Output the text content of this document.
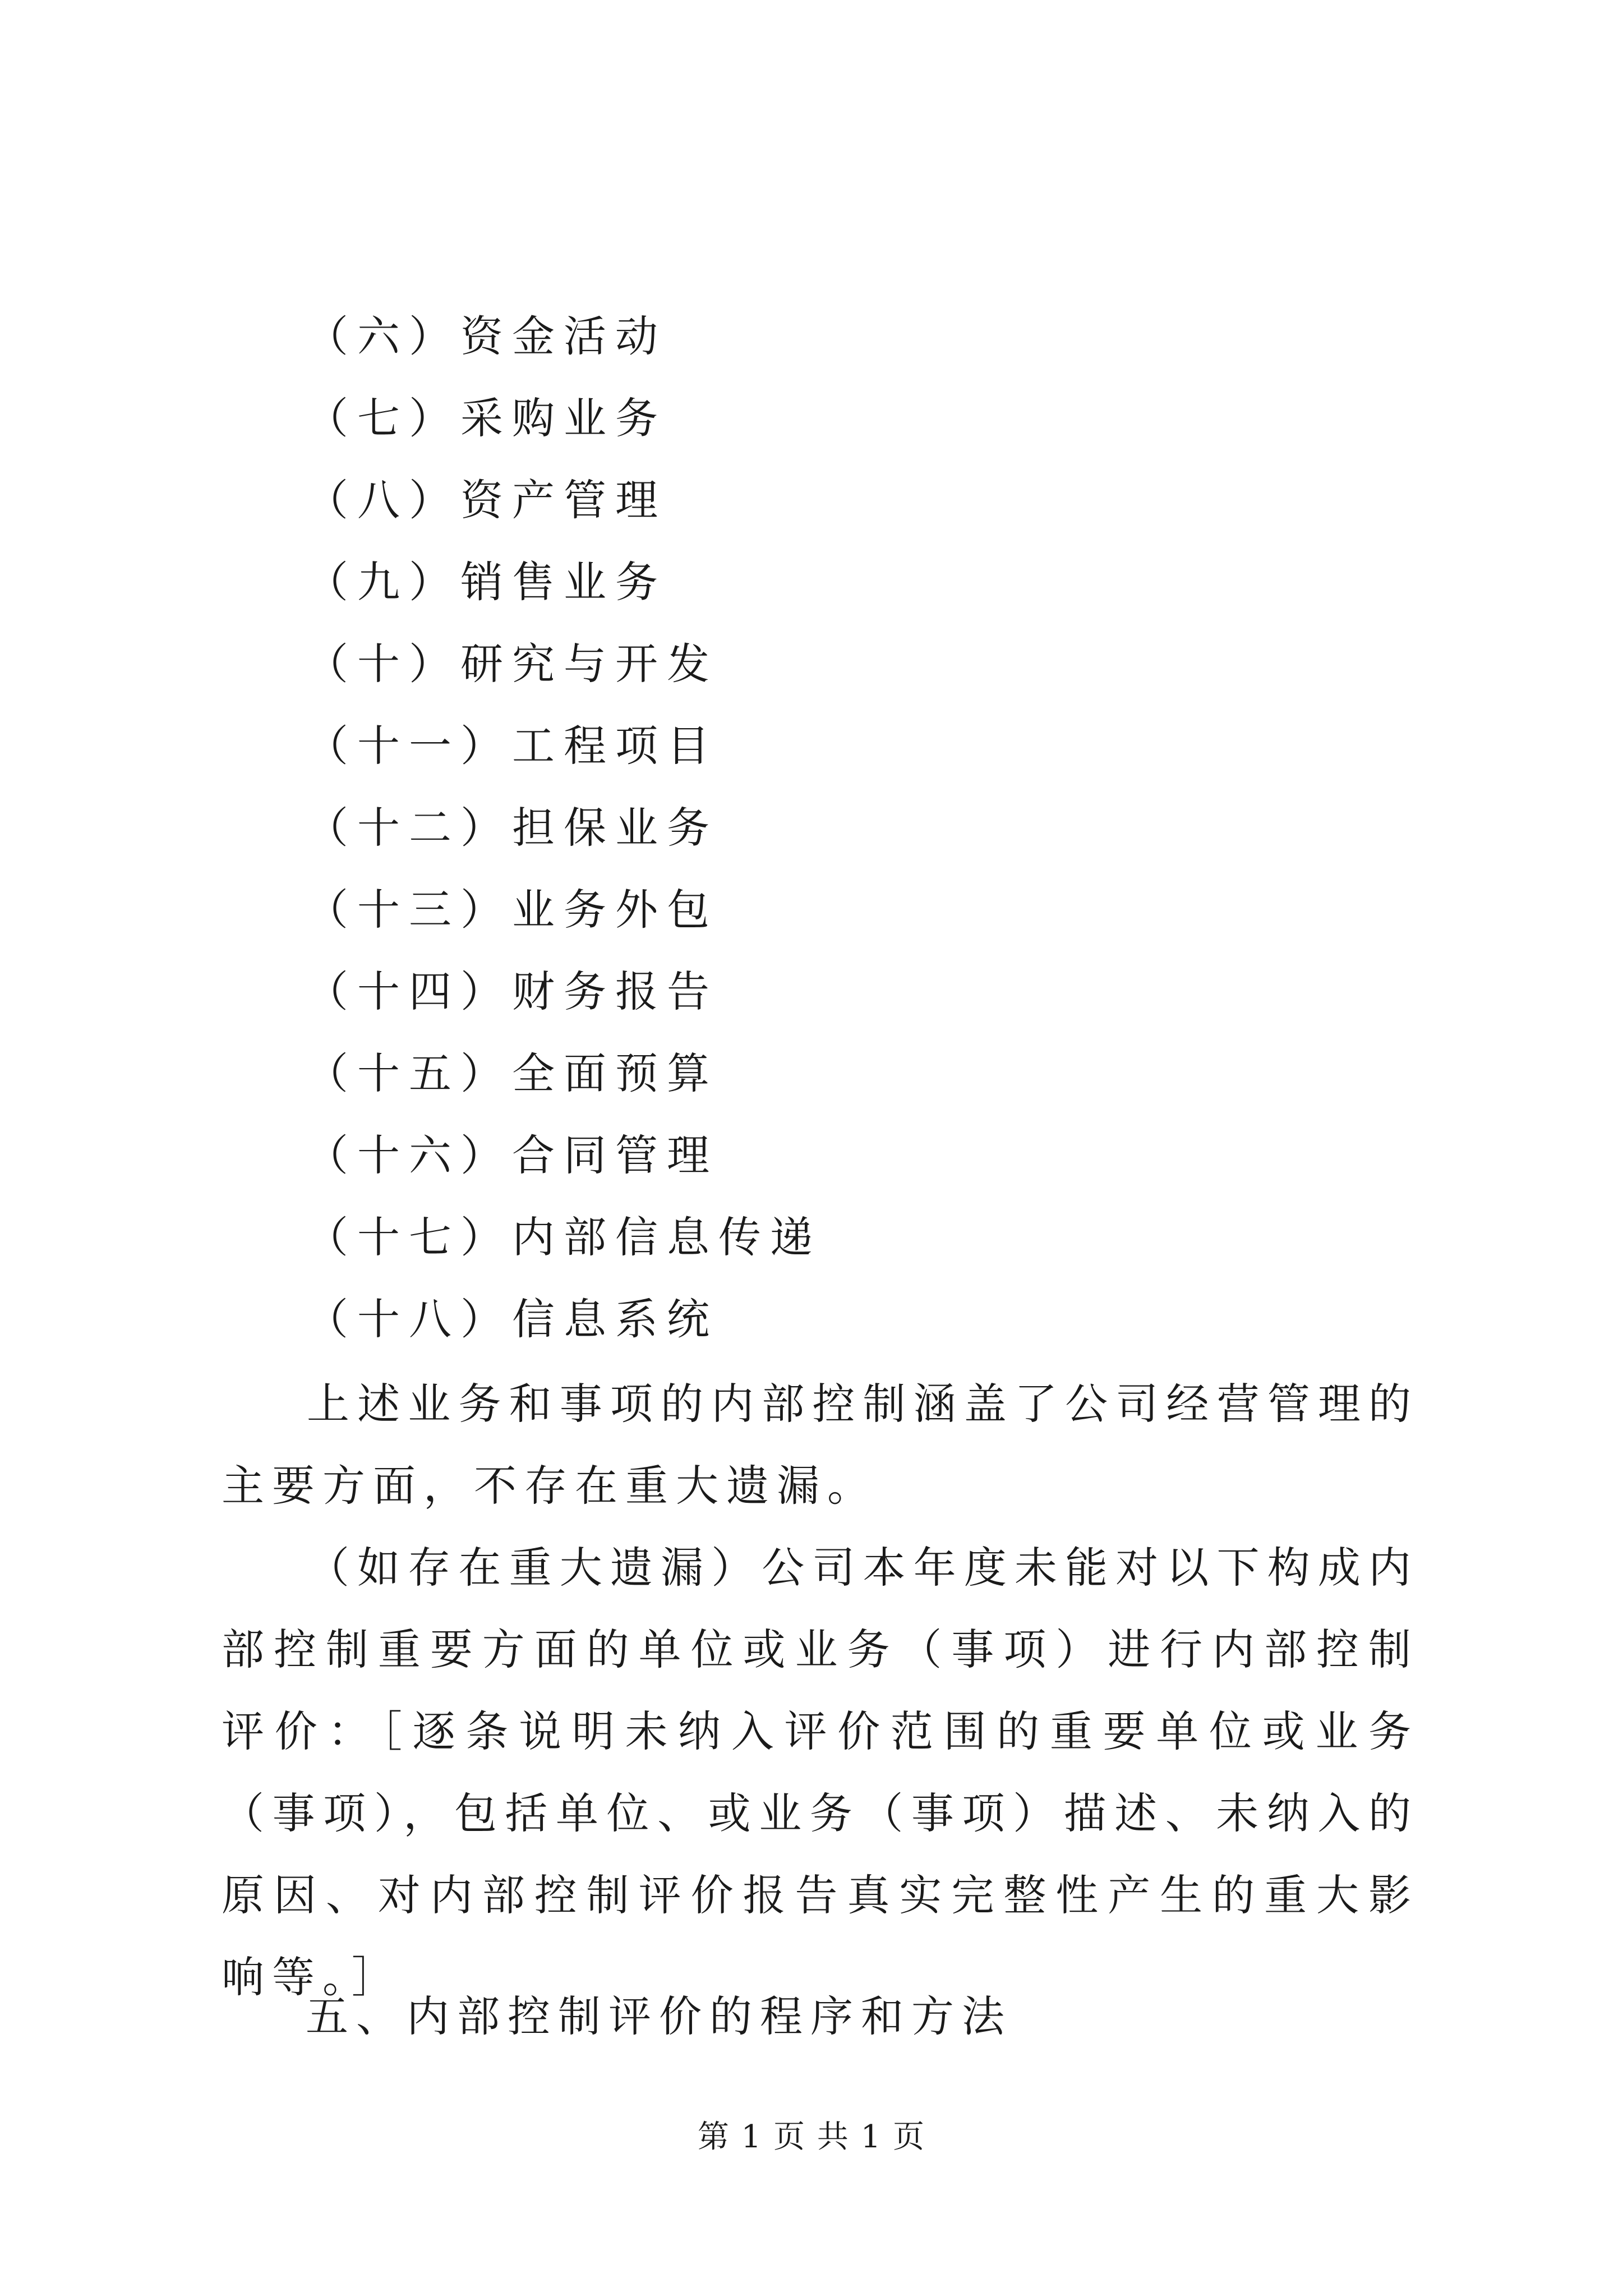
（六）资金活动
（七）采购业务
（八）资产管理
（九）销售业务
（十）研究与开发
（十一）工程项目
（十二）担保业务
（十三）业务外包
（十四）财务报告
（十五）全面预算
（十六）合同管理
（十七）内部信息传递
（十八）信息系统

上述业务和事项的内部控制涵盖了公司经营管理的主要方面，不存在重大遗漏。

（如存在重大遗漏）公司本年度未能对以下构成内部控制重要方面的单位或业务（事项）进行内部控制评价：［逐条说明未纳入评价范围的重要单位或业务（事项），包括单位、或业务（事项）描述、未纳入的原因、对内部控制评价报告真实完整性产生的重大影响等。］

五、内部控制评价的程序和方法
第 1 页 共 1 页
